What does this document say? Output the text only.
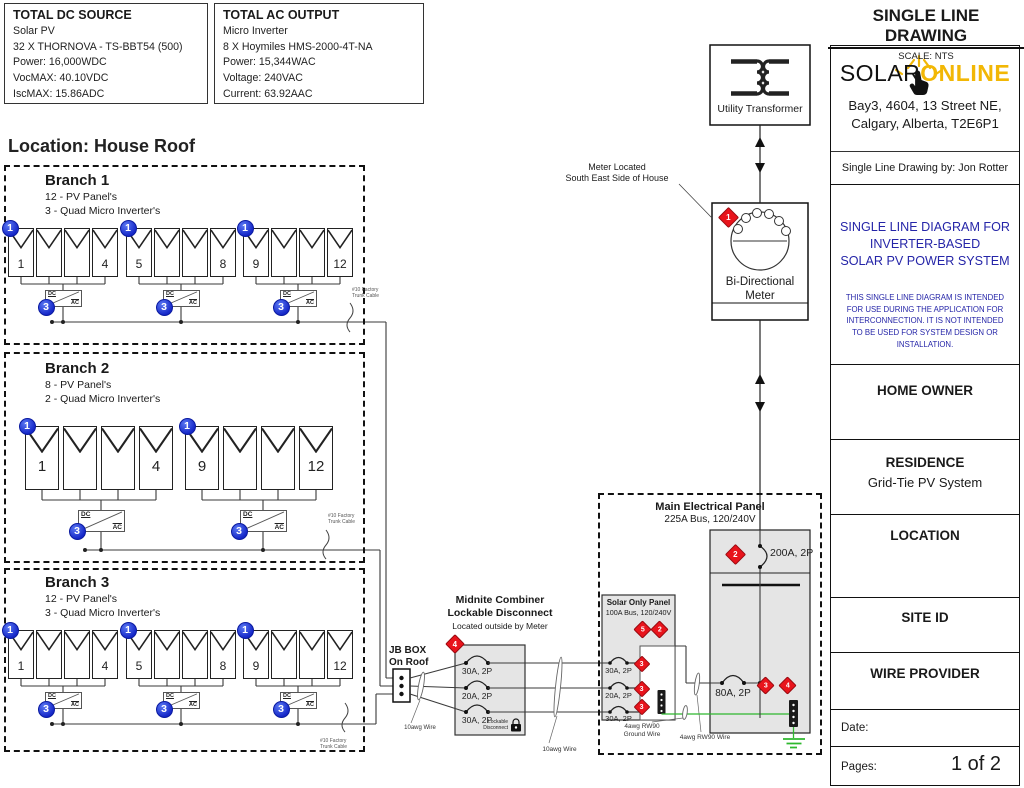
TOTAL DC SOURCE
Solar PV
32 X THORNOVA - TS-BBT54 (500)
Power: 16,000WDC
VocMAX: 40.10VDC
IscMAX: 15.86ADC
TOTAL AC OUTPUT
Micro Inverter
8 X Hoymiles HMS-2000-4T-NA
Power: 15,344WAC
Voltage: 240VAC
Current: 63.92AAC
SINGLE LINE DRAWING
SCALE: NTS
SOLARONLINE
Bay3, 4604, 13 Street NE,
Calgary, Alberta, T2E6P1
Single Line Drawing by: Jon Rotter
SINGLE LINE DIAGRAM FOR
INVERTER-BASED
SOLAR PV POWER SYSTEM
THIS SINGLE LINE DIAGRAM IS INTENDED FOR USE DURING THE APPLICATION FOR INTERCONNECTION. IT IS NOT INTENDED TO BE USED FOR SYSTEM DESIGN OR INSTALLATION.
HOME OWNER
RESIDENCE
Grid-Tie PV System
LOCATION
SITE ID
WIRE PROVIDER
Date:
Pages:	1 of 2
Location: House Roof
Branch 1
12 - PV Panel's
3 - Quad Micro Inverter's
Branch 2
8 - PV Panel's
2 - Quad Micro Inverter's
Branch 3
12 - PV Panel's
3 - Quad Micro Inverter's
1	4	5	8	9	12
1	4	9	12
1	4	5	8	9	12
DC
$\overline{AC}$
DC
$\overline{AC}$
DC
$\overline{AC}$
DC
$\overline{AC}$
DC
$\overline{AC}$
DC
$\overline{AC}$
DC
$\overline{AC}$
DC
$\overline{AC}$
1	1	1
1	1
1	1	1
3	3	3
3	3
3	3	3
#10 Factory
Trunk Cable
#10 Factory
Trunk Cable
#10 Factory
Trunk Cable
JB BOX
On Roof
10awg Wire
10awg Wire
4awg RW90
Ground Wire	4awg RW90 Wire
Midnite Combiner
Lockable Disconnect
Located outside by Meter
30A, 2P
20A, 2P
30A, 2P
Lockable
Disconnect
4
Meter Located
South East Side of House
Bi-Directional
Meter
1
Utility Transformer
Main Electrical Panel
225A Bus, 120/240V
2	200A, 2P
80A, 2P
3	4
Solar Only Panel
100A Bus, 120/240V
5 2
30A, 2P
20A, 2P
30A, 2P
3
3
3
